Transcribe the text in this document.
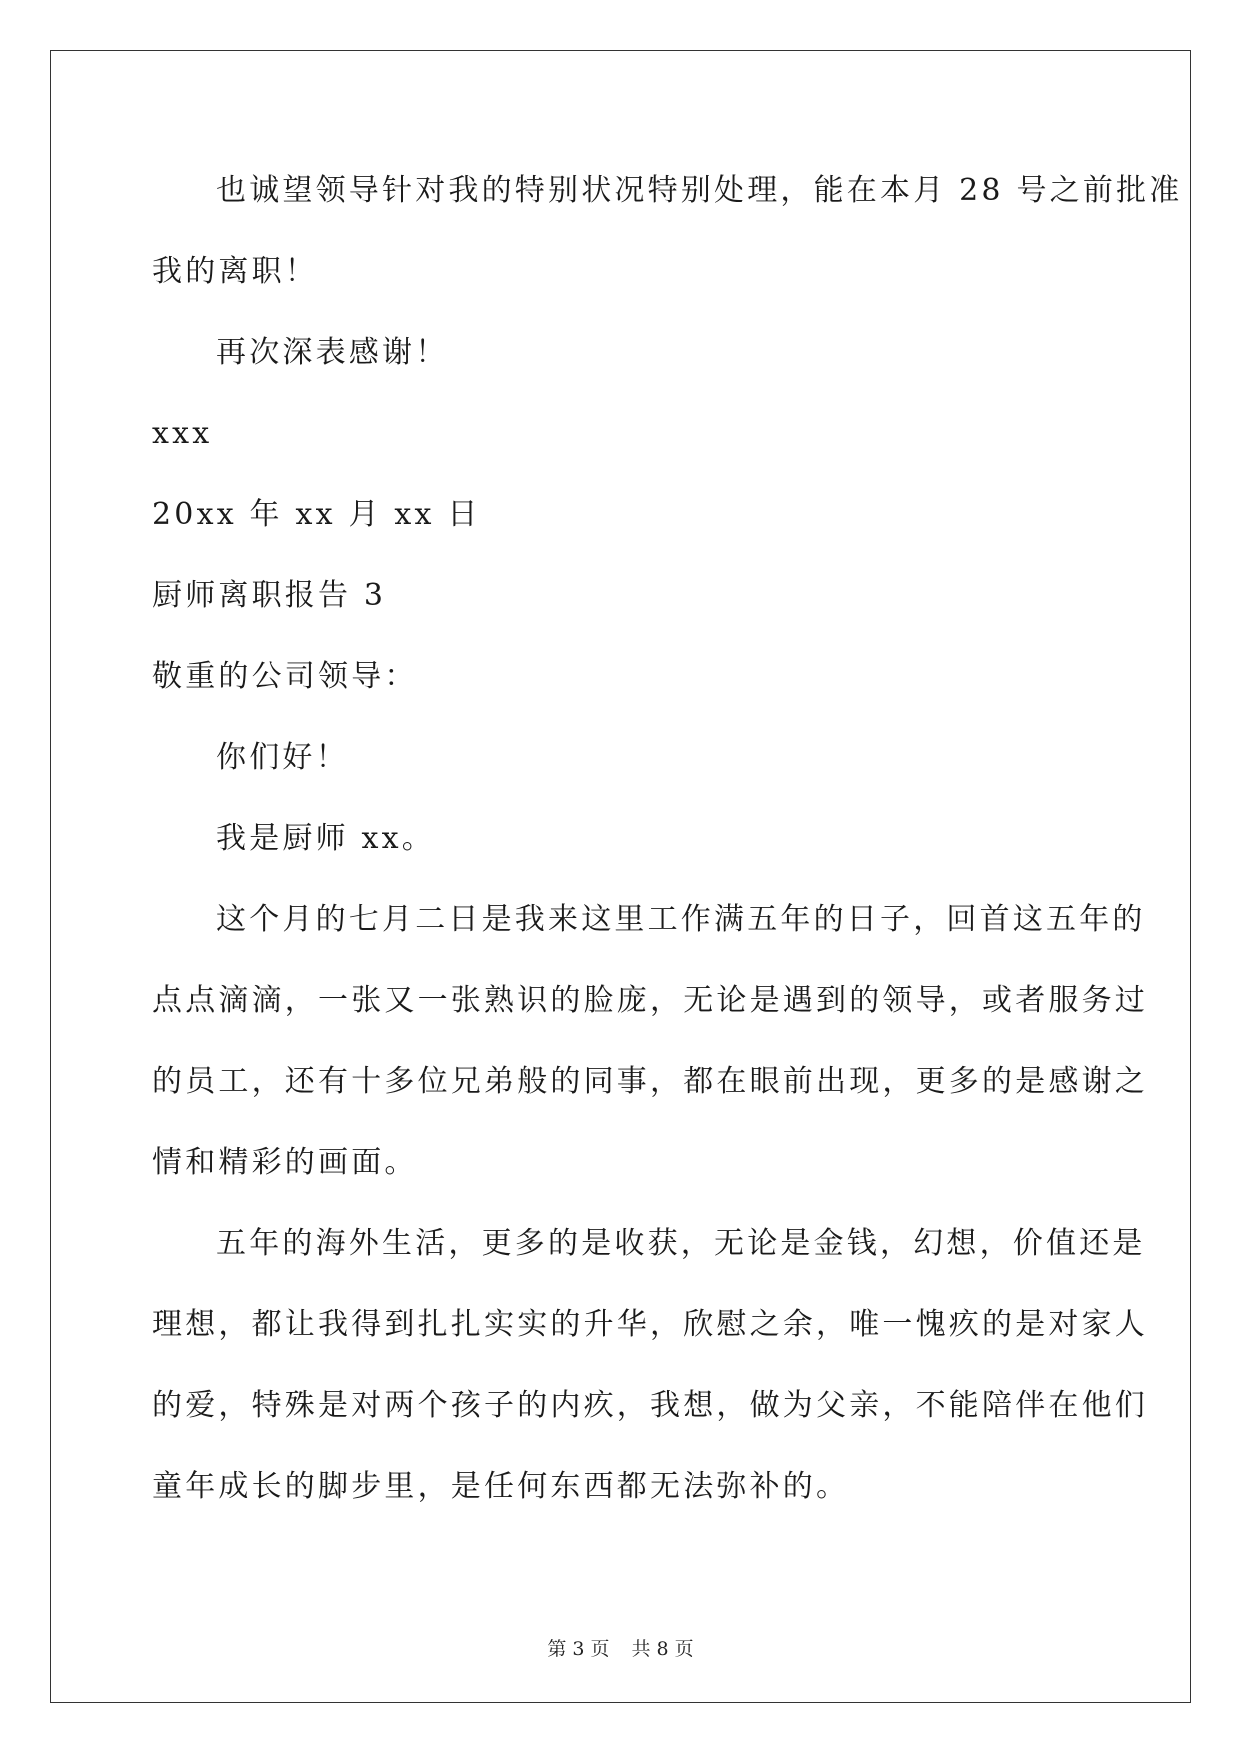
也诚望领导针对我的特别状况特别处理，能在本月 28 号之前批准
我的离职！
再次深表感谢！
xxx
20xx 年 xx 月 xx 日
厨师离职报告 3
敬重的公司领导：
你们好！
我是厨师 xx。
这个月的七月二日是我来这里工作满五年的日子，回首这五年的
点点滴滴，一张又一张熟识的脸庞，无论是遇到的领导，或者服务过
的员工，还有十多位兄弟般的同事，都在眼前出现，更多的是感谢之
情和精彩的画面。
五年的海外生活，更多的是收获，无论是金钱，幻想，价值还是
理想，都让我得到扎扎实实的升华，欣慰之余，唯一愧疚的是对家人
的爱，特殊是对两个孩子的内疚，我想，做为父亲，不能陪伴在他们
童年成长的脚步里，是任何东西都无法弥补的。
第 3 页 共 8 页
